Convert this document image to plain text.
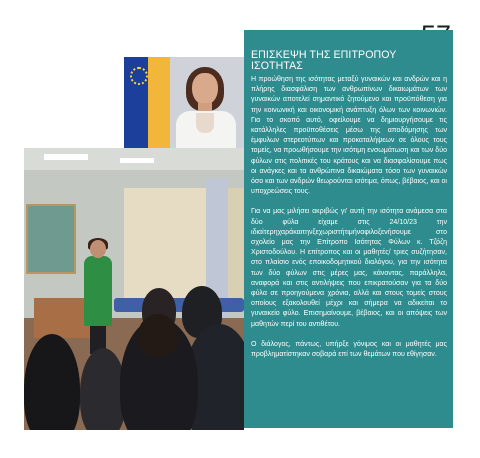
ΕΠΙΣΚΕΨΗ ΤΗΣ ΕΠΙΤΡΟΠΟΥ ΙΣΟΤΗΤΑΣ

Η προώθηση της ισότητας μεταξύ γυναικών και ανδρών και η πλήρης διασφάλιση των ανθρωπίνων δικαιωμάτων των γυναικών αποτελεί σημαντικό ζητούμενο και προϋπόθεση για την κοινωνική και οικονομική ανάπτυξη όλων των κοινωνιών. Για το σκοπό αυτό, οφείλουμε να δημιουργήσουμε τις κατάλληλες προϋποθέσεις μέσω της αποδόμησης των έμφυλων στερεοτύπων και προκαταλήψεων σε όλους τους τομείς, να προωθήσουμε την ισότιμη ενσωμάτωση και των δύο φύλων στις πολιτικές του κράτους και να διασφαλίσουμε πως οι ανάγκες και τα ανθρώπινα δικαιώματα τόσο των γυναικών όσο και των ανδρών θεωρούνται ισότιμα, όπως, βέβαιος, και οι υποχρεώσεις τους.

Για να μας μιλήσει ακριβώς γι' αυτή την ισότητα ανάμεσα στα δύο φύλα είχαμε στις 24/10/23 την ιδιαίτερηχαράκαιτηνξεχωριστήτιμήναφιλοξενήσουμε στο σχολείο μας την Επίτροπο Ισότητας Φύλων κ. Τζόζη Χριστοδούλου. Η επίτροπος και οι μαθητές/ τριες συζήτησαν, στο πλαίσιο ενός εποικοδομητικού διαλόγου, για την ισότητα των δύο φύλων στις μέρες μας, κάνοντας, παράλληλα, αναφορά και στις αντιλήψεις που επικρατούσαν για τα δύο φύλα σε προηγούμενα χρόνια, αλλά και στους τομείς στους οποίους εξακολουθεί μέχρι και σήμερα να αδικείται το γυναικείο φύλο. Επισημαίνουμε, βέβαιος, και οι απόψεις των μαθητών περί του αντιθέτου.

Ο διάλογος, πάντως, υπήρξε γόνιμος και οι μαθητές μας προβληματίστηκαν σοβαρά επί των θεμάτων που εθίγησαν.
